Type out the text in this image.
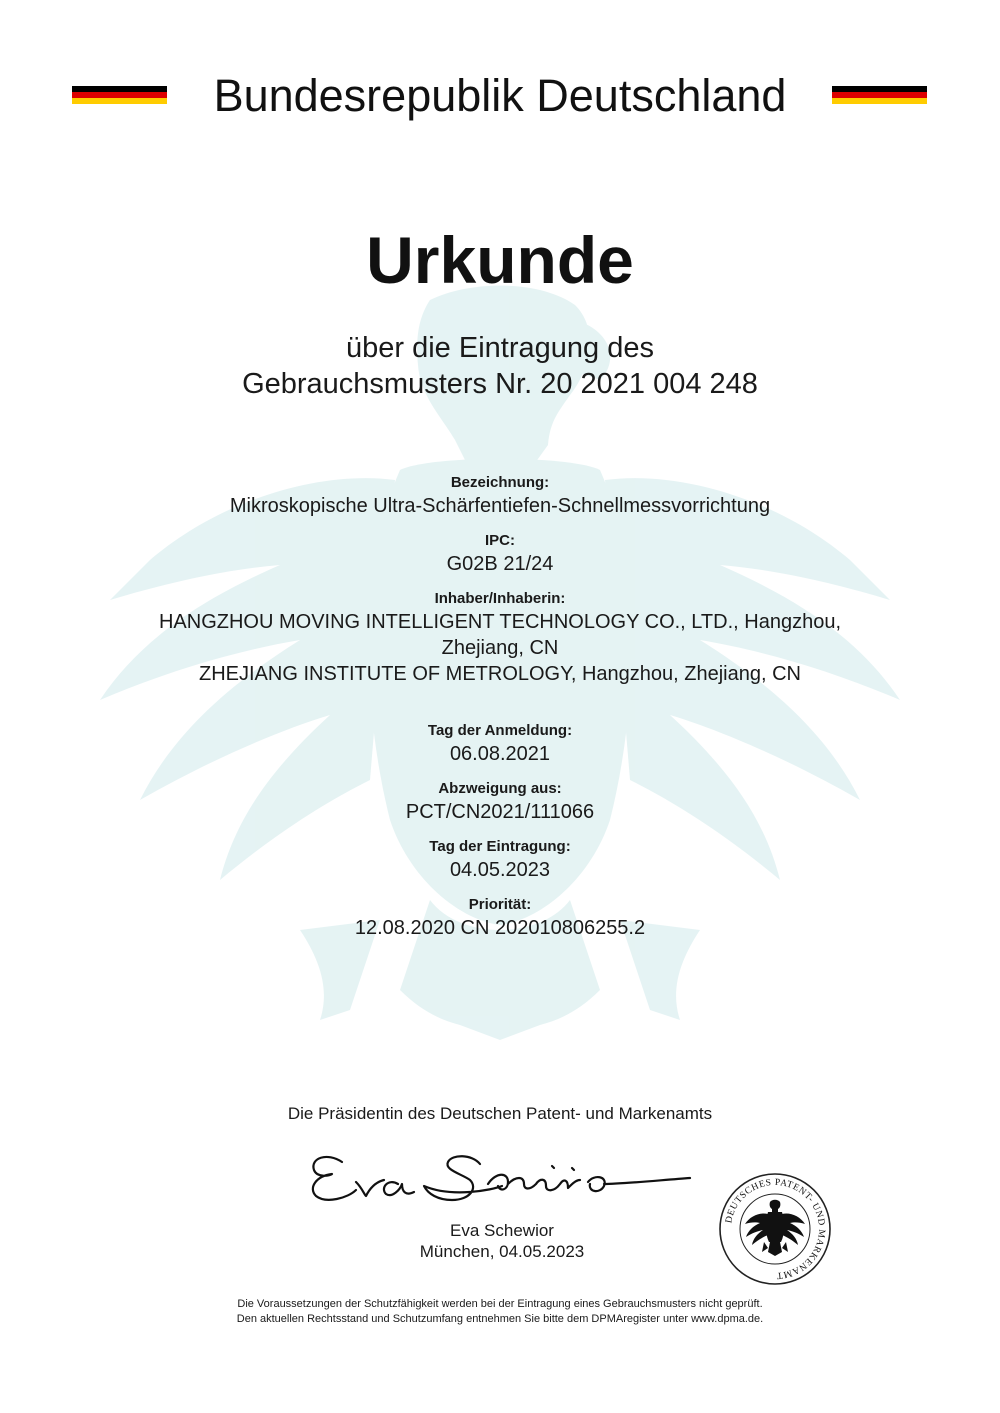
Bundesrepublik Deutschland
Urkunde
über die Eintragung des
Gebrauchsmusters Nr. 20 2021 004 248
Bezeichnung:
Mikroskopische Ultra-Schärfentiefen-Schnellmessvorrichtung
IPC:
G02B 21/24
Inhaber/Inhaberin:
HANGZHOU MOVING INTELLIGENT TECHNOLOGY CO., LTD., Hangzhou,
Zhejiang, CN
ZHEJIANG INSTITUTE OF METROLOGY, Hangzhou, Zhejiang, CN
Tag der Anmeldung:
06.08.2021
Abzweigung aus:
PCT/CN2021/111066
Tag der Eintragung:
04.05.2023
Priorität:
12.08.2020 CN 202010806255.2
Die Präsidentin des Deutschen Patent- und Markenamts
Eva Schewior
München, 04.05.2023
DEUTSCHES PATENT- UND MARKENAMT
Die Voraussetzungen der Schutzfähigkeit werden bei der Eintragung eines Gebrauchsmusters nicht geprüft.
Den aktuellen Rechtsstand und Schutzumfang entnehmen Sie bitte dem DPMAregister unter www.dpma.de.
